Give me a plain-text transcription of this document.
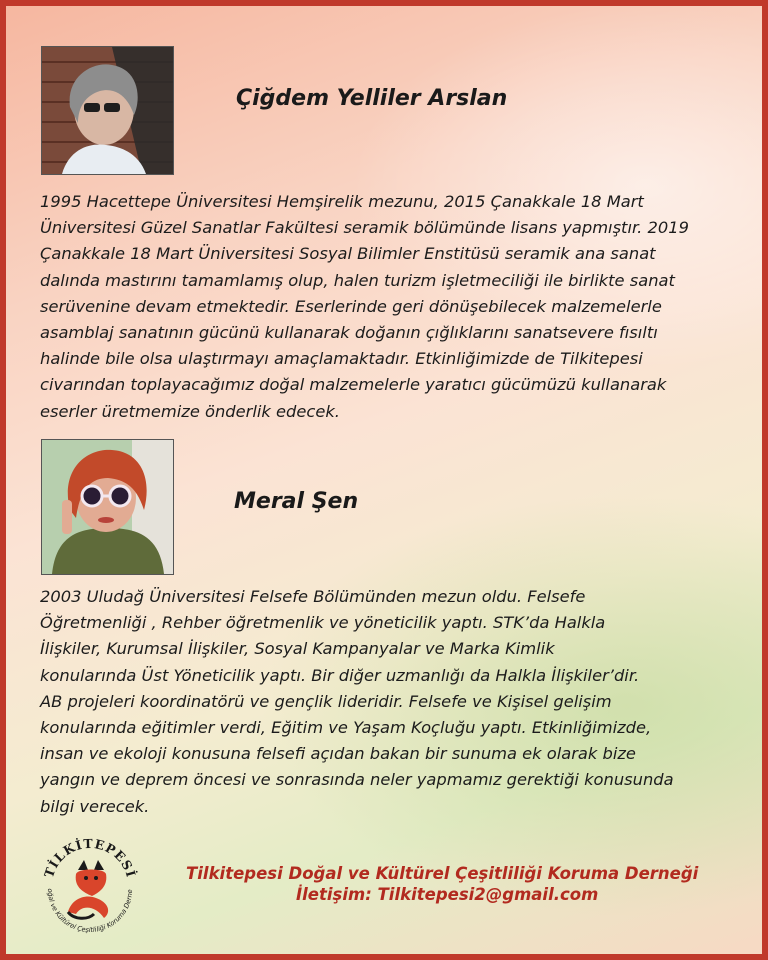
Çiğdem Yelliler Arslan
1995 Hacettepe Üniversitesi Hemşirelik mezunu, 2015 Çanakkale 18 Mart
Üniversitesi Güzel Sanatlar Fakültesi seramik bölümünde lisans yapmıştır. 2019
Çanakkale 18 Mart Üniversitesi Sosyal Bilimler Enstitüsü seramik ana sanat
dalında mastırını tamamlamış olup, halen turizm işletmeciliği ile birlikte sanat
serüvenine devam etmektedir. Eserlerinde geri dönüşebilecek malzemelerle
asamblaj sanatının gücünü kullanarak doğanın çığlıklarını sanatsevere fısıltı
halinde bile olsa ulaştırmayı amaçlamaktadır. Etkinliğimizde de Tilkitepesi
civarından toplayacağımız doğal malzemelerle yaratıcı gücümüzü kullanarak
eserler üretmemize önderlik edecek.
Meral Şen
2003 Uludağ Üniversitesi Felsefe Bölümünden mezun oldu. Felsefe
Öğretmenliği , Rehber öğretmenlik ve yöneticilik yaptı. STK’da Halkla
İlişkiler, Kurumsal İlişkiler, Sosyal Kampanyalar ve Marka Kimlik
konularında Üst Yöneticilik yaptı. Bir diğer uzmanlığı da Halkla İlişkiler’dir.
AB projeleri koordinatörü ve gençlik lideridir. Felsefe ve Kişisel gelişim
konularında eğitimler verdi, Eğitim ve Yaşam Koçluğu yaptı. Etkinliğimizde,
insan ve ekoloji konusuna felsefi açıdan bakan bir sunuma ek olarak bize
yangın ve deprem öncesi ve sonrasında neler yapmamız gerektiği konusunda
bilgi verecek.
TİLKİTEPESİ
oğal ve Kültürel Çeşitliliği Koruma Derne
Tilkitepesi Doğal ve Kültürel Çeşitliliği Koruma Derneği
İletişim: Tilkitepesi2@gmail.com
